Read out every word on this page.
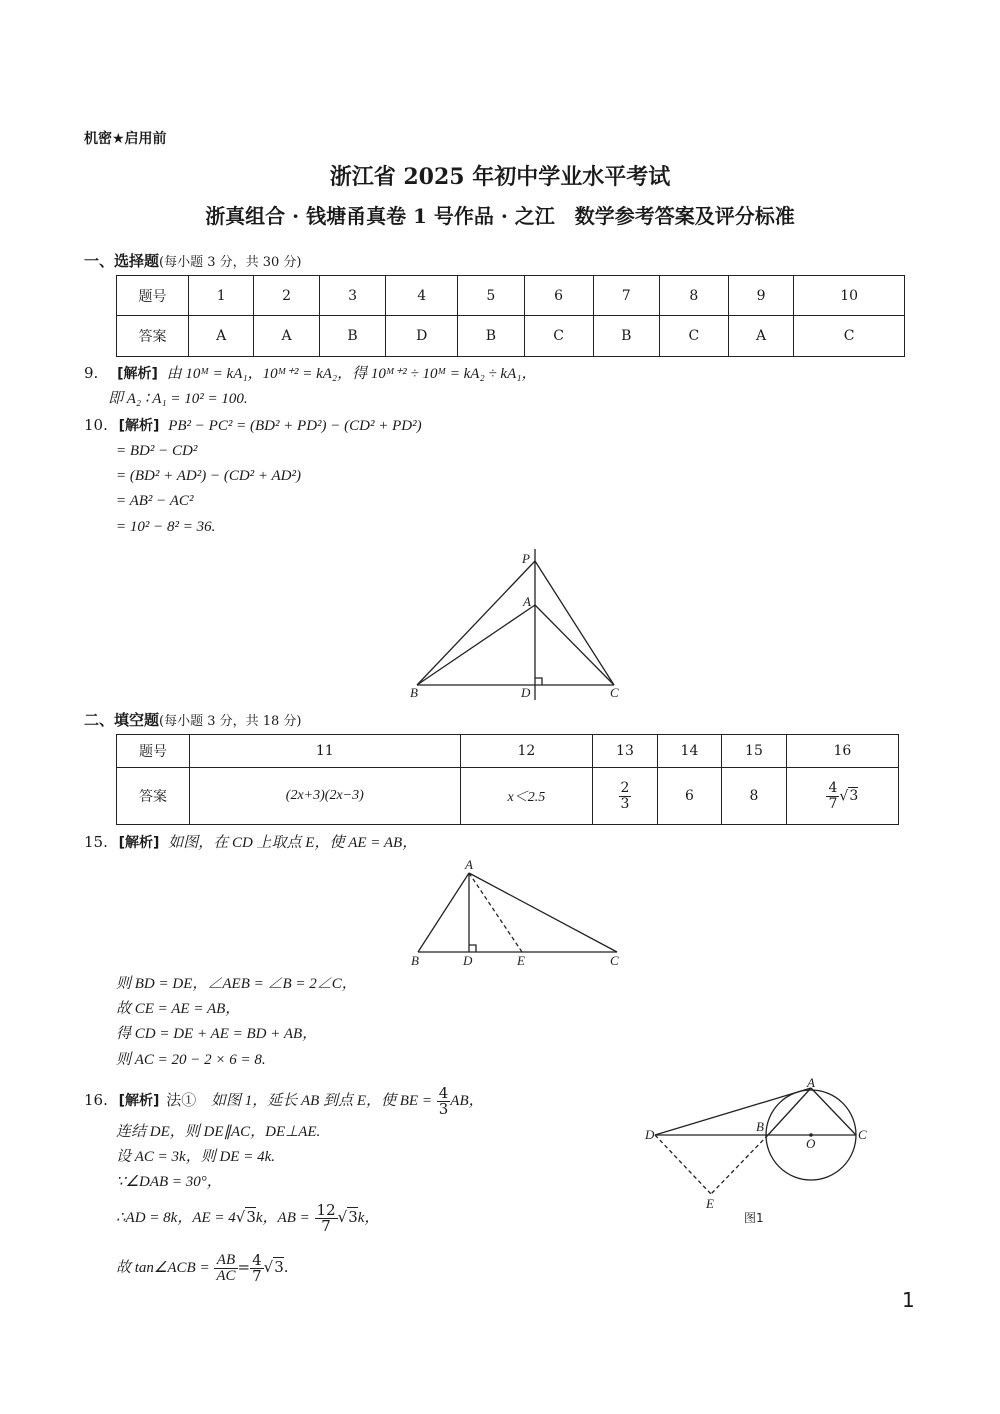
机密★启用前
浙江省 2025 年初中学业水平考试
浙真组合 · 钱塘甬真卷 1 号作品 · 之江　数学参考答案及评分标准
一、选择题(每小题 3 分，共 30 分)
题号	1	2	3	4	5	6	7	8	9	10
答案	A	A	B	D	B	C	B	C	A	C
9. [解析] 由 10ᴹ = kA₁，10ᴹ⁺² = kA₂，得 10ᴹ⁺² ÷ 10ᴹ = kA₂ ÷ kA₁，
即 A₂ ∶ A₁ = 10² = 100.
10. [解析] PB² − PC² = (BD² + PD²) − (CD² + PD²)
= BD² − CD²
= (BD² + AD²) − (CD² + AD²)
= AB² − AC²
= 10² − 8² = 36.
P
A
B	D	C
二、填空题(每小题 3 分，共 18 分)
题号	11	12	13	14	15	16
答案	(2x+3)(2x−3)	x＜2.5	$\frac{2}{3}$	6	8	$\frac{4}{7} √3$
15. [解析] 如图，在 CD 上取点 E，使 AE = AB，
A
B	D	E	C
则 BD = DE，∠AEB = ∠B = 2∠C，
故 CE = AE = AB，
得 CD = DE + AE = BD + AB，
则 AC = 20 − 2 × 6 = 8.
16. [解析] 法① 如图 1，延长 AB 到点 E，使 BE = $\frac{4}{3}$ AB，
连结 DE，则 DE∥AC，DE⊥AE.
设 AC = 3k，则 DE = 4k.
∵∠DAB = 30°，
∴AD = 8k，AE = 4√3k，AB = $\frac{12}{7} √3k$，
故 tan∠ACB = $\frac{AB}{AC} = \frac{4}{7} √3$.
A
B
D
O
C
E
图1
1
